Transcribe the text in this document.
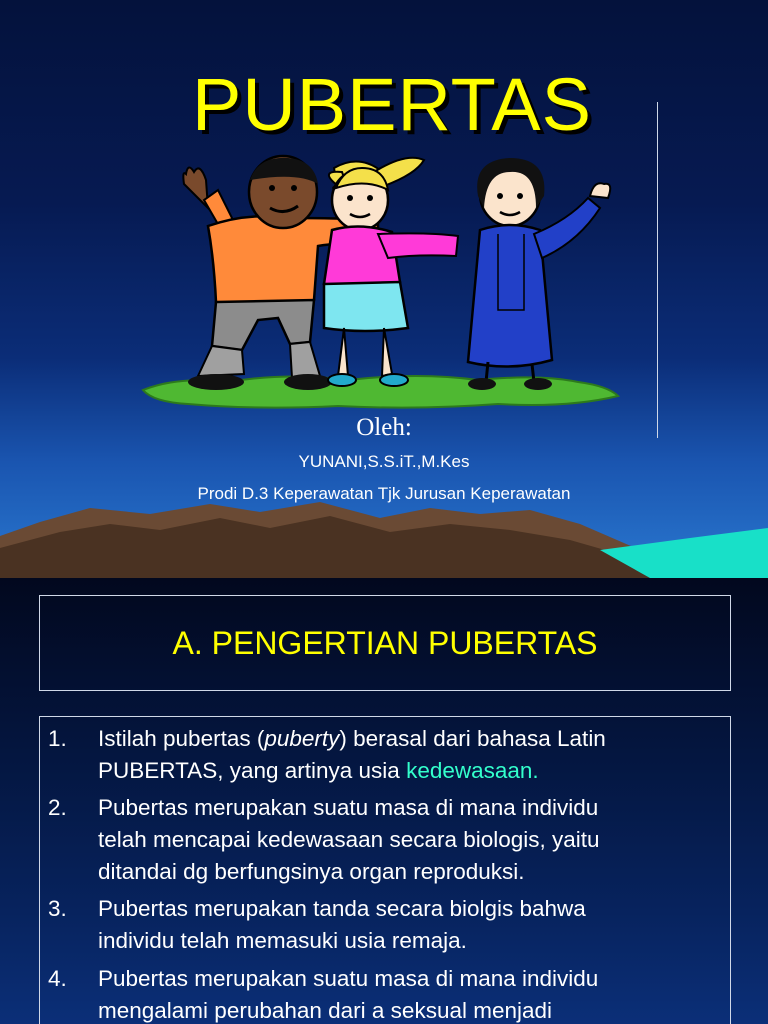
PUBERTAS
Oleh:
YUNANI,S.S.iT.,M.Kes
Prodi D.3 Keperawatan Tjk Jurusan Keperawatan
A. PENGERTIAN PUBERTAS
1. Istilah pubertas (puberty) berasal dari bahasa Latin
PUBERTAS, yang artinya usia kedewasaan.
2. Pubertas merupakan suatu masa di mana individu
telah mencapai kedewasaan secara biologis, yaitu
ditandai dg berfungsinya organ reproduksi.
3. Pubertas merupakan tanda secara biolgis bahwa
individu telah memasuki usia remaja.
4. Pubertas merupakan suatu masa di mana individu
mengalami perubahan dari a seksual menjadi
